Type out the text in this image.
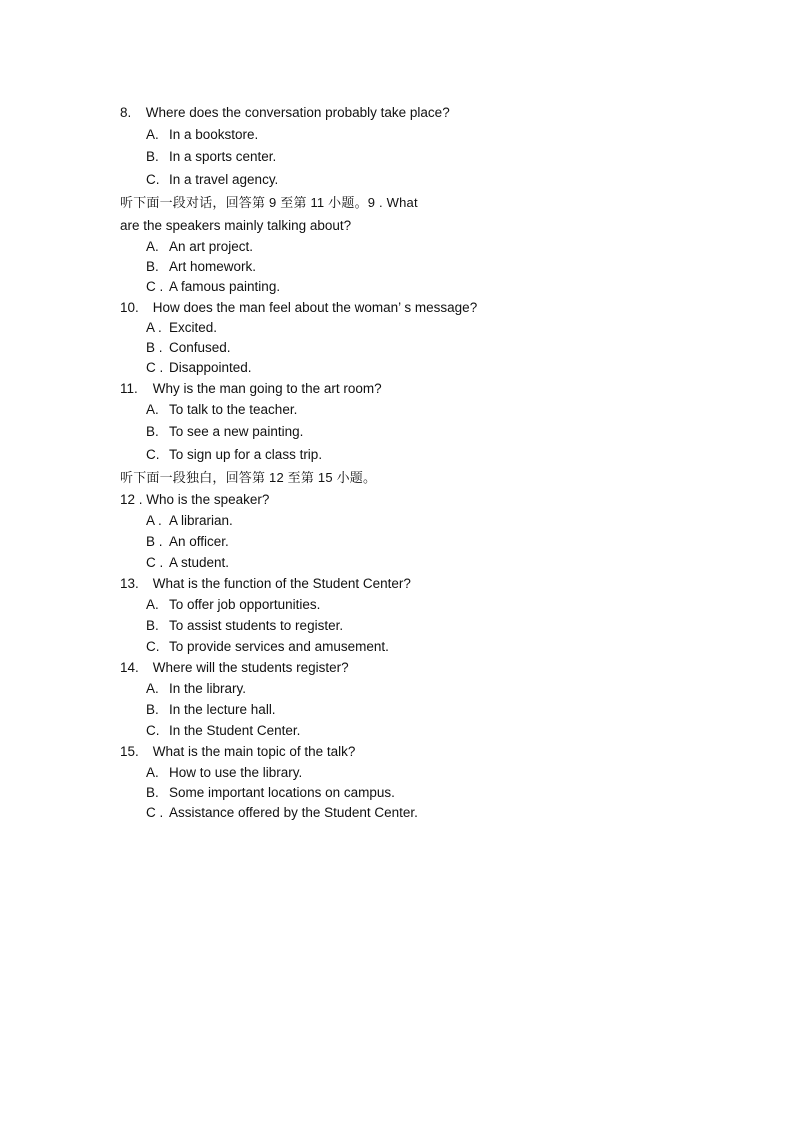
8. Where does the conversation probably take place?
A. In a bookstore.
B. In a sports center.
C. In a travel agency.
听下面一段对话，回答第 9 至第 11 小题。9 . What
are the speakers mainly talking about?
A. An art project.
B. Art homework.
C . A famous painting.
10. How does the man feel about the woman’ s message?
A . Excited.
B . Confused.
C . Disappointed.
11. Why is the man going to the art room?
A. To talk to the teacher.
B. To see a new painting.
C. To sign up for a class trip.
听下面一段独白，回答第 12 至第 15 小题。
12 . Who is the speaker?
A . A librarian.
B . An officer.
C . A student.
13. What is the function of the Student Center?
A. To offer job opportunities.
B. To assist students to register.
C. To provide services and amusement.
14. Where will the students register?
A. In the library.
B. In the lecture hall.
C. In the Student Center.
15. What is the main topic of the talk?
A. How to use the library.
B. Some important locations on campus.
C . Assistance offered by the Student Center.
